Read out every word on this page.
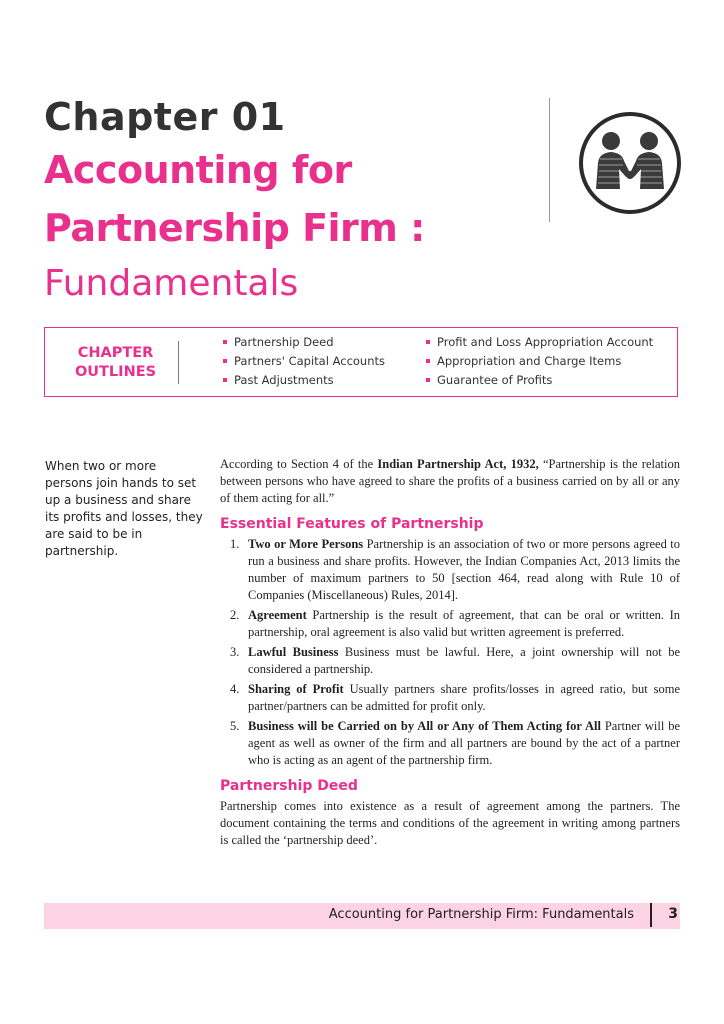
Chapter 01
Accounting for
Partnership Firm :
Fundamentals
CHAPTER
OUTLINES
Partnership Deed
Partners' Capital Accounts
Past Adjustments
Profit and Loss Appropriation Account
Appropriation and Charge Items
Guarantee of Profits
When two or more persons join hands to set up a business and share its profits and losses, they are said to be in partnership.

According to Section 4 of the Indian Partnership Act, 1932, “Partnership is the relation between persons who have agreed to share the profits of a business carried on by all or any of them acting for all.”

Essential Features of Partnership
1. Two or More Persons Partnership is an association of two or more persons agreed to run a business and share profits. However, the Indian Companies Act, 2013 limits the number of maximum partners to 50 [section 464, read along with Rule 10 of Companies (Miscellaneous) Rules, 2014].
2. Agreement Partnership is the result of agreement, that can be oral or written. In partnership, oral agreement is also valid but written agreement is preferred.
3. Lawful Business Business must be lawful. Here, a joint ownership will not be considered a partnership.
4. Sharing of Profit Usually partners share profits/losses in agreed ratio, but some partner/partners can be admitted for profit only.
5. Business will be Carried on by All or Any of Them Acting for All Partner will be agent as well as owner of the firm and all partners are bound by the act of a partner who is acting as an agent of the partnership firm.
Partnership Deed

Partnership comes into existence as a result of agreement among the partners. The document containing the terms and conditions of the agreement in writing among partners is called the ‘partnership deed’.

Accounting for Partnership Firm: Fundamentals 3
